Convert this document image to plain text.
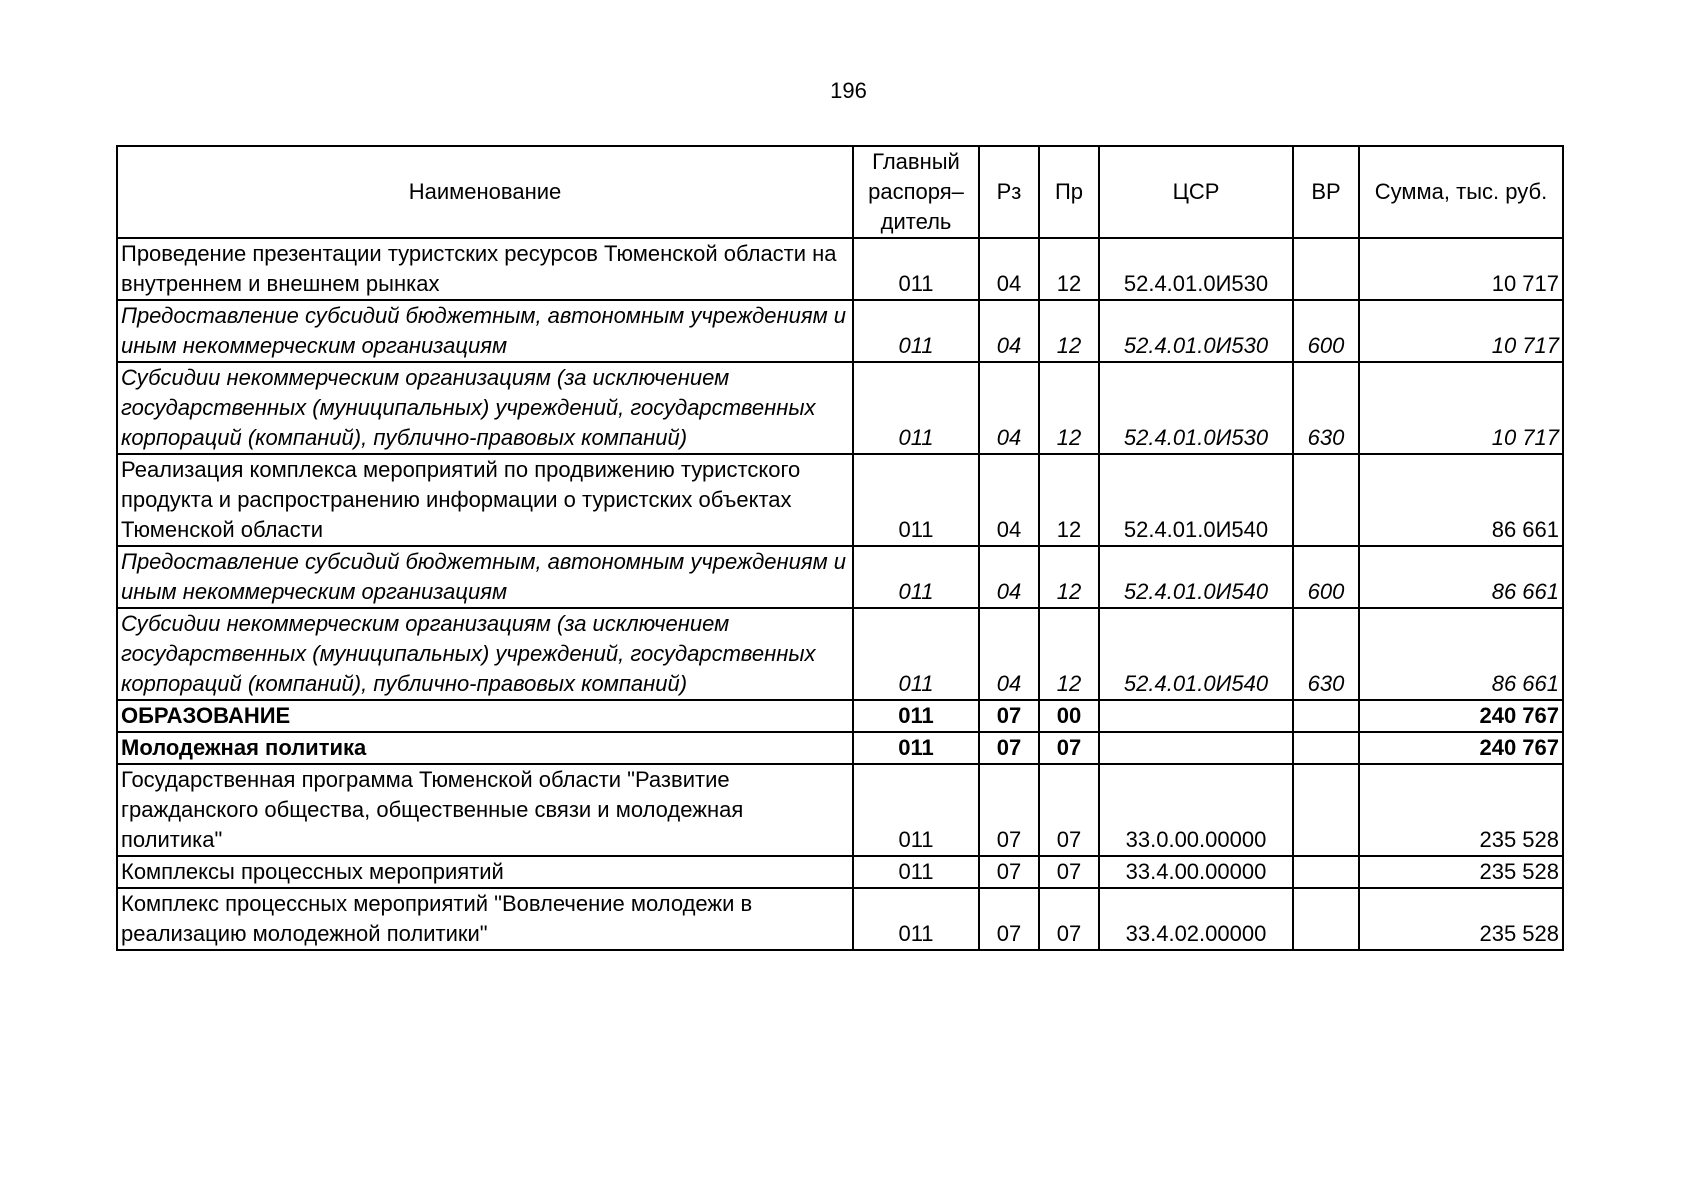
196
Наименование	Главный распоря– дитель	Рз	Пр	ЦСР	ВР	Сумма, тыс. руб.
Проведение презентации туристских ресурсов Тюменской области на внутреннем и внешнем рынках	011	04	12	52.4.01.0И530		10 717
Предоставление субсидий бюджетным, автономным учреждениям и иным некоммерческим организациям	011	04	12	52.4.01.0И530	600	10 717
Субсидии некоммерческим организациям (за исключением государственных (муниципальных) учреждений, государственных корпораций (компаний), публично-правовых компаний)	011	04	12	52.4.01.0И530	630	10 717
Реализация комплекса мероприятий по продвижению туристского продукта и распространению информации о туристских объектах Тюменской области	011	04	12	52.4.01.0И540		86 661
Предоставление субсидий бюджетным, автономным учреждениям и иным некоммерческим организациям	011	04	12	52.4.01.0И540	600	86 661
Субсидии некоммерческим организациям (за исключением государственных (муниципальных) учреждений, государственных корпораций (компаний), публично-правовых компаний)	011	04	12	52.4.01.0И540	630	86 661
ОБРАЗОВАНИЕ	011	07	00			240 767
Молодежная политика	011	07	07			240 767
Государственная программа Тюменской области "Развитие гражданского общества, общественные связи и молодежная политика"	011	07	07	33.0.00.00000		235 528
Комплексы процессных мероприятий	011	07	07	33.4.00.00000		235 528
Комплекс процессных мероприятий "Вовлечение молодежи в реализацию молодежной политики"	011	07	07	33.4.02.00000		235 528
